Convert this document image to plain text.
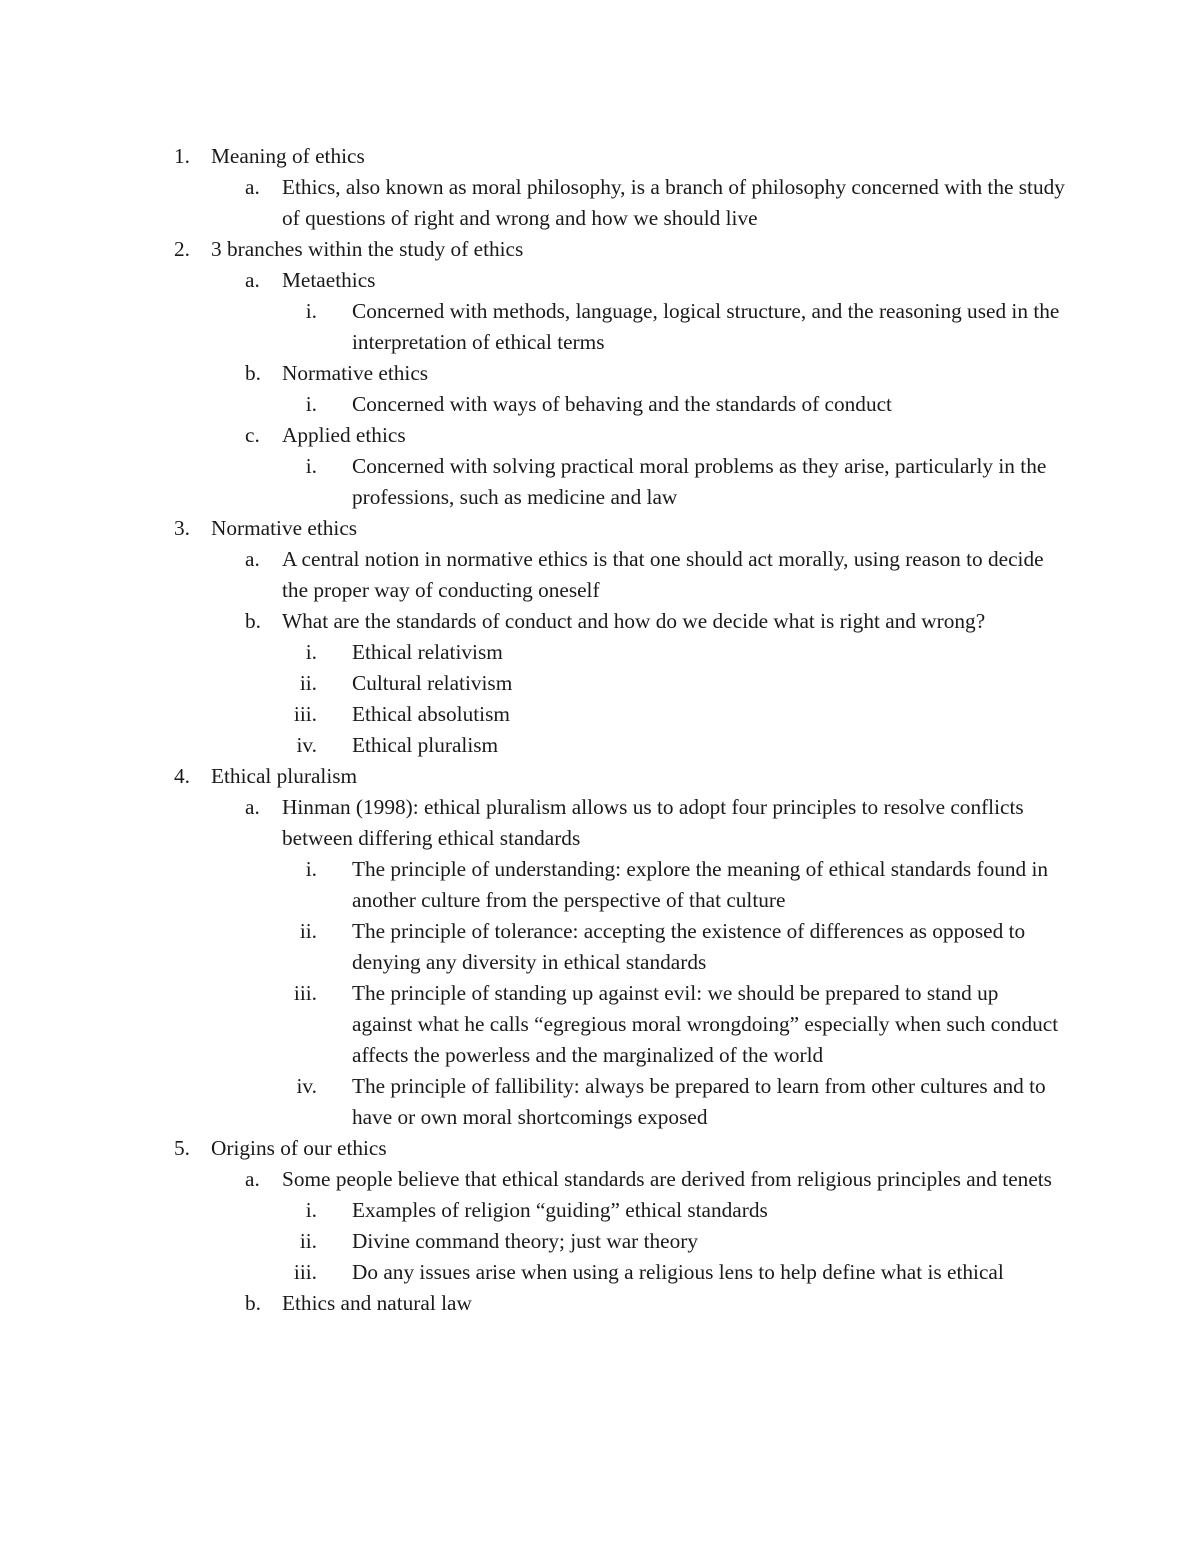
1. Meaning of ethics
a. Ethics, also known as moral philosophy, is a branch of philosophy concerned with the study of questions of right and wrong and how we should live
2. 3 branches within the study of ethics
a. Metaethics
i. Concerned with methods, language, logical structure, and the reasoning used in the interpretation of ethical terms
b. Normative ethics
i. Concerned with ways of behaving and the standards of conduct
c. Applied ethics
i. Concerned with solving practical moral problems as they arise, particularly in the professions, such as medicine and law
3. Normative ethics
a. A central notion in normative ethics is that one should act morally, using reason to decide the proper way of conducting oneself
b. What are the standards of conduct and how do we decide what is right and wrong?
i. Ethical relativism
ii. Cultural relativism
iii. Ethical absolutism
iv. Ethical pluralism
4. Ethical pluralism
a. Hinman (1998): ethical pluralism allows us to adopt four principles to resolve conflicts between differing ethical standards
i. The principle of understanding: explore the meaning of ethical standards found in another culture from the perspective of that culture
ii. The principle of tolerance: accepting the existence of differences as opposed to denying any diversity in ethical standards
iii. The principle of standing up against evil: we should be prepared to stand up against what he calls “egregious moral wrongdoing” especially when such conduct affects the powerless and the marginalized of the world
iv. The principle of fallibility: always be prepared to learn from other cultures and to have or own moral shortcomings exposed
5. Origins of our ethics
a. Some people believe that ethical standards are derived from religious principles and tenets
i. Examples of religion “guiding” ethical standards
ii. Divine command theory; just war theory
iii. Do any issues arise when using a religious lens to help define what is ethical
b. Ethics and natural law
